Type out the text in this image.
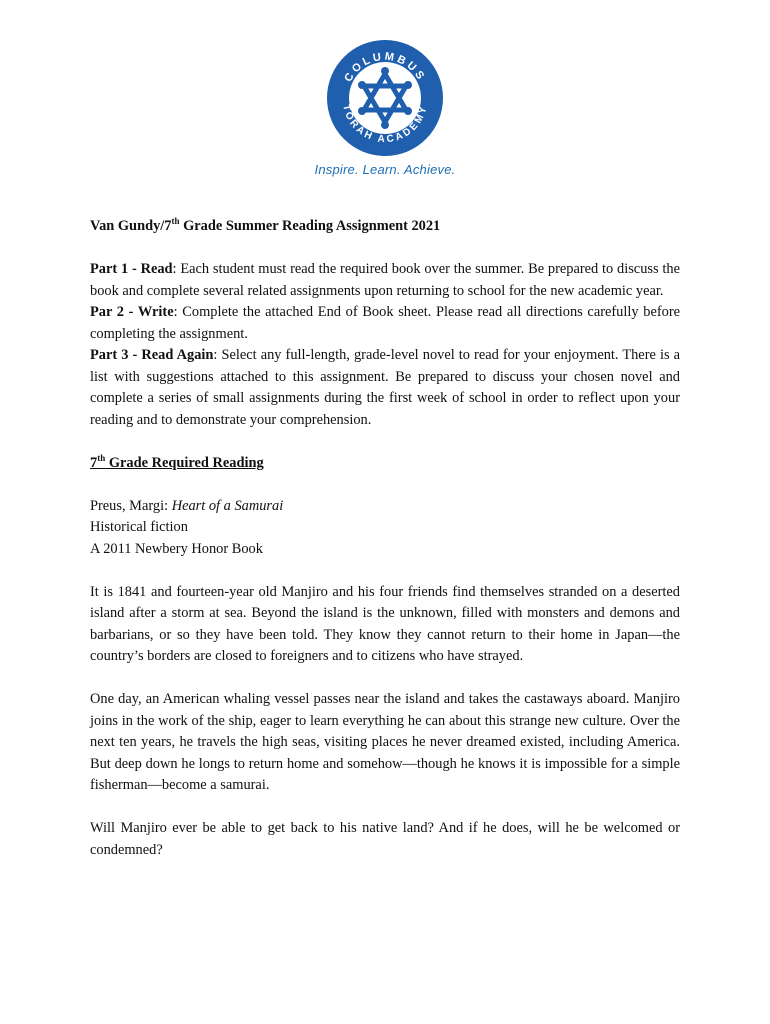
COLUMBUS
TORAH ACADEMY
Inspire. Learn. Achieve.

Van Gundy/7th Grade Summer Reading Assignment 2021

Part 1 - Read: Each student must read the required book over the summer. Be prepared to discuss the book and complete several related assignments upon returning to school for the new academic year.

Par 2 - Write: Complete the attached End of Book sheet. Please read all directions carefully before completing the assignment.

Part 3 - Read Again: Select any full-length, grade-level novel to read for your enjoyment. There is a list with suggestions attached to this assignment. Be prepared to discuss your chosen novel and complete a series of small assignments during the first week of school in order to reflect upon your reading and to demonstrate your comprehension.

7th Grade Required Reading

Preus, Margi: Heart of a Samurai

Historical fiction

A 2011 Newbery Honor Book

It is 1841 and fourteen-year old Manjiro and his four friends find themselves stranded on a deserted island after a storm at sea. Beyond the island is the unknown, filled with monsters and demons and barbarians, or so they have been told. They know they cannot return to their home in Japan—the country’s borders are closed to foreigners and to citizens who have strayed.

One day, an American whaling vessel passes near the island and takes the castaways aboard. Manjiro joins in the work of the ship, eager to learn everything he can about this strange new culture. Over the next ten years, he travels the high seas, visiting places he never dreamed existed, including America. But deep down he longs to return home and somehow—though he knows it is impossible for a simple fisherman—become a samurai.

Will Manjiro ever be able to get back to his native land? And if he does, will he be welcomed or condemned?
